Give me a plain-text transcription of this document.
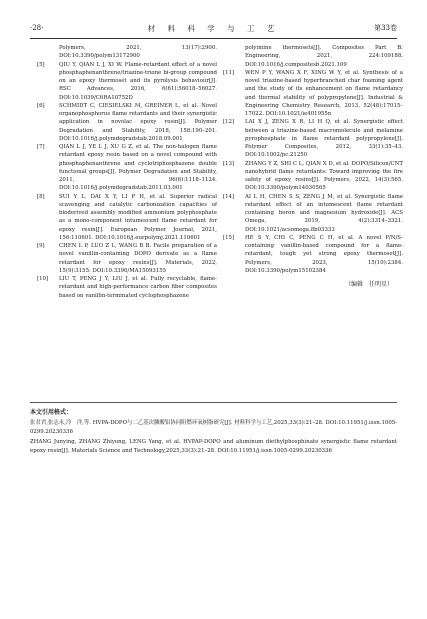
·28·	材 料 科 学 与 工 艺	第33卷
Polymers, 2021, 13(17):2900. DOI:10.3390/polym13172900
[5]	QIU Y, QIAN L J, XI W. Flame-retardant effect of a novel phosphaphenanthrene/triazine-trione bi-group compound on an epoxy thermoset and its pyrolysis behaviour[J]. RSC Advances, 2016, 6(61):56018–56027. DOI:10.1039/C6RA10752D
[6]	SCHMIDT C, CIESIELSKI M, GREINER L, et al. Novel organophosphorus flame retardants and their synergistic application in novolac epoxy resin[J]. Polymer Degradation and Stability, 2018, 158:190–201. DOI:10.1016/j.polymdegradstab.2018.09.001
[7]	QIAN L J, YE L J, XU G Z, et al. The non-halogen flame retardant epoxy resin based on a novel compound with phosphaphenanthrene and cyclotriphosphazene double functional groups[J]. Polymer Degradation and Stability, 2011, 96(6):1118–1124. DOI:10.1016/j.polymdegradstab.2011.03.001
[8]	SUI Y L, DAI X Y, LI P H, et al. Superior radical scavenging and catalytic carbonization capacities of bioderived assembly modified ammonium polyphosphate as a mono-component intumescent flame retardant for epoxy resin[J]. European Polymer Journal, 2021, 156:110601. DOI:10.1016/j.eurpolymj.2021.110601
[9]	CHEN L P, LUO Z L, WANG B B. Facile preparation of a novel vanillin-containing DOPO derivate as a flame retardant for epoxy resins[J]. Materials, 2022, 15(9):3155. DOI:10.3390/MA15093155
[10]	LIU T, PENG J Y, LIU J, et al. Fully recyclable, flame-retardant and high-performance carbon fiber composites based on vanillin-terminated cyclophosphazene
polyimine thermosets[J]. Composites Part B: Engineering, 2021, 224:109188. DOI:10.1016/j.compositesb.2021.109
[11]	WEN P Y, WANG X F, XING W Y, et al. Synthesis of a novel triazine-based hyperbranched char foaming agent and the study of its enhancement on flame retardancy and thermal stability of polypropylene[J]. Industrial & Engineering Chemistry Research, 2013, 52(48):17015–17022. DOI:10.1021/ie401955n
[12]	LAI X J, ZENG X R, LI H Q, et al. Synergistic effect between a triazine-based macromolecule and melamine pyrophosphate in flame retardant polypropylene[J]. Polymer Composites, 2012, 33(1):35–43. DOI:10.1002/pc.21250
[13]	ZHANG Y Z, SHI C L, QIAN X D, et al. DOPO/Silicon/CNT nanohybrid flame retardants: Toward improving the fire safety of epoxy resins[J]. Polymers, 2022, 14(3):565. DOI:10.3390/polym14030565
[14]	AI L H, CHEN S S, ZENG J M, et al. Synergistic flame retardant effect of an intumescent flame retardant containing boron and magnesium hydroxide[J]. ACS Omega, 2019, 4(2):3314–3321. DOI:10.1021/acsomega.8b03333
[15]	HE S Y, CHI C, PENG C H, et al. A novel P/N/S-containing vanillin-based compound for a flame-retardant, tough yet strong epoxy thermoset[J]. Polymers, 2023, 15(10):2384. DOI:10.3390/polym15102384
（编辑　任明星）
本文引用格式：

张君君,张志永,冷　洋,等. HVPA-DOPO与二乙基次膦酸铝协同阻燃环氧树脂研究[J]. 材料科学与工艺,2025,33(3):21–28. DOI:10.11951/j.issn.1005-0299.20230336

ZHANG Junying, ZHANG Zhiyong, LENG Yang, et al. HVPAP-DOPO and aluminum diethylphosphinate synergistic flame retardant epoxy resin[J]. Materials Science and Technology,2025,33(3):21–28. DOI:10.11951/j.issn.1005-0299.20230336
